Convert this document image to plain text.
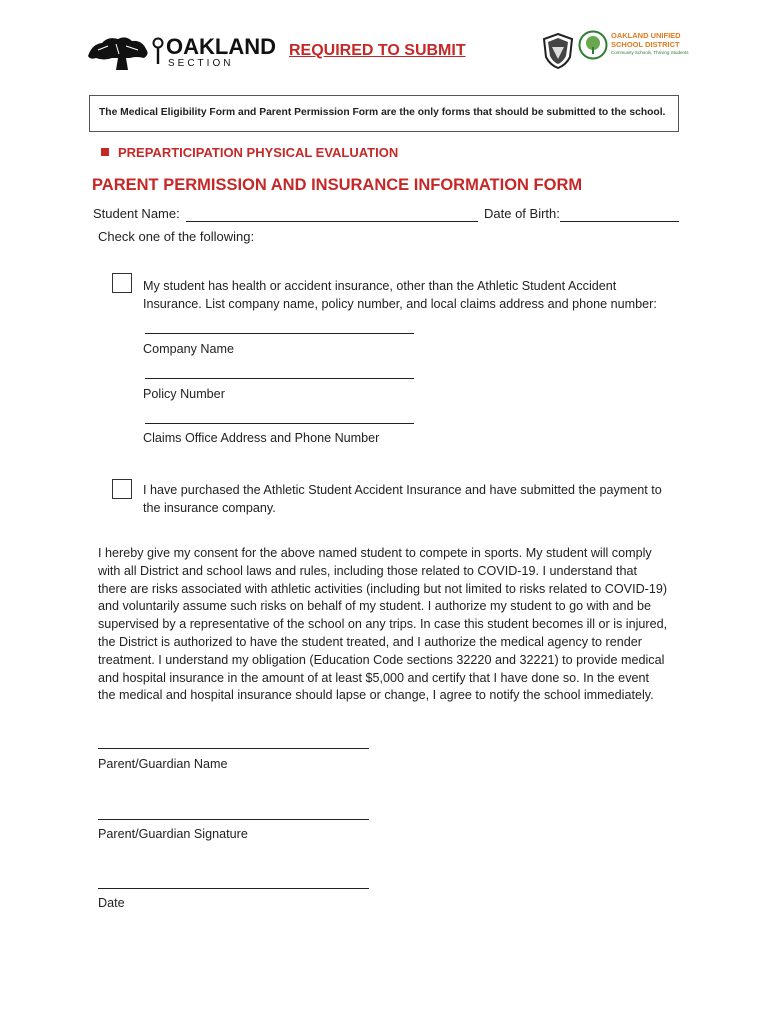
OAKLAND
SECTION
REQUIRED TO SUBMIT
OAKLAND UNIFIED
SCHOOL DISTRICT
Community Schools, Thriving Students
The Medical Eligibility Form and Parent Permission Form are the only forms that should be submitted to the school.
PREPARTICIPATION PHYSICAL EVALUATION
PARENT PERMISSION AND INSURANCE INFORMATION FORM
Student Name:	Date of Birth:
Check one of the following:
My student has health or accident insurance, other than the Athletic Student Accident
Insurance. List company name, policy number, and local claims address and phone number:
Company Name
Policy Number
Claims Office Address and Phone Number
I have purchased the Athletic Student Accident Insurance and have submitted the payment to
the insurance company.
I hereby give my consent for the above named student to compete in sports. My student will comply
with all District and school laws and rules, including those related to COVID-19. I understand that
there are risks associated with athletic activities (including but not limited to risks related to COVID-19)
and voluntarily assume such risks on behalf of my student. I authorize my student to go with and be
supervised by a representative of the school on any trips. In case this student becomes ill or is injured,
the District is authorized to have the student treated, and I authorize the medical agency to render
treatment. I understand my obligation (Education Code sections 32220 and 32221) to provide medical
and hospital insurance in the amount of at least $5,000 and certify that I have done so. In the event
the medical and hospital insurance should lapse or change, I agree to notify the school immediately.
Parent/Guardian Name
Parent/Guardian Signature
Date
